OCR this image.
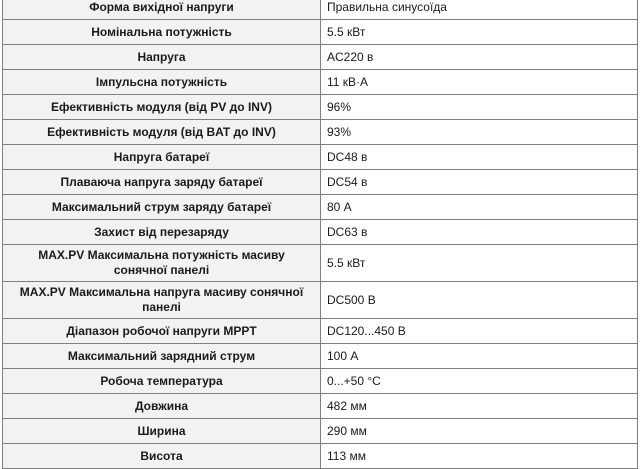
Форма вихідної напруги	Правильна синусоїда
Номінальна потужність	5.5 кВт
Напруга	AC220 в
Імпульсна потужність	11 кВ·А
Ефективність модуля (від PV до INV)	96%
Ефективність модуля (від BAT до INV)	93%
Напруга батареї	DC48 в
Плаваюча напруга заряду батареї	DC54 в
Максимальний струм заряду батареї	80 А
Захист від перезаряду	DC63 в
MAX.PV Максимальна потужність масиву сонячної панелі	5.5 кВт
MAX.PV Максимальна напруга масиву сонячної панелі	DC500 В
Діапазон робочої напруги MPPT	DC120...450 В
Максимальний зарядний струм	100 А
Робоча температура	0...+50 °C
Довжина	482 мм
Ширина	290 мм
Висота	113 мм
